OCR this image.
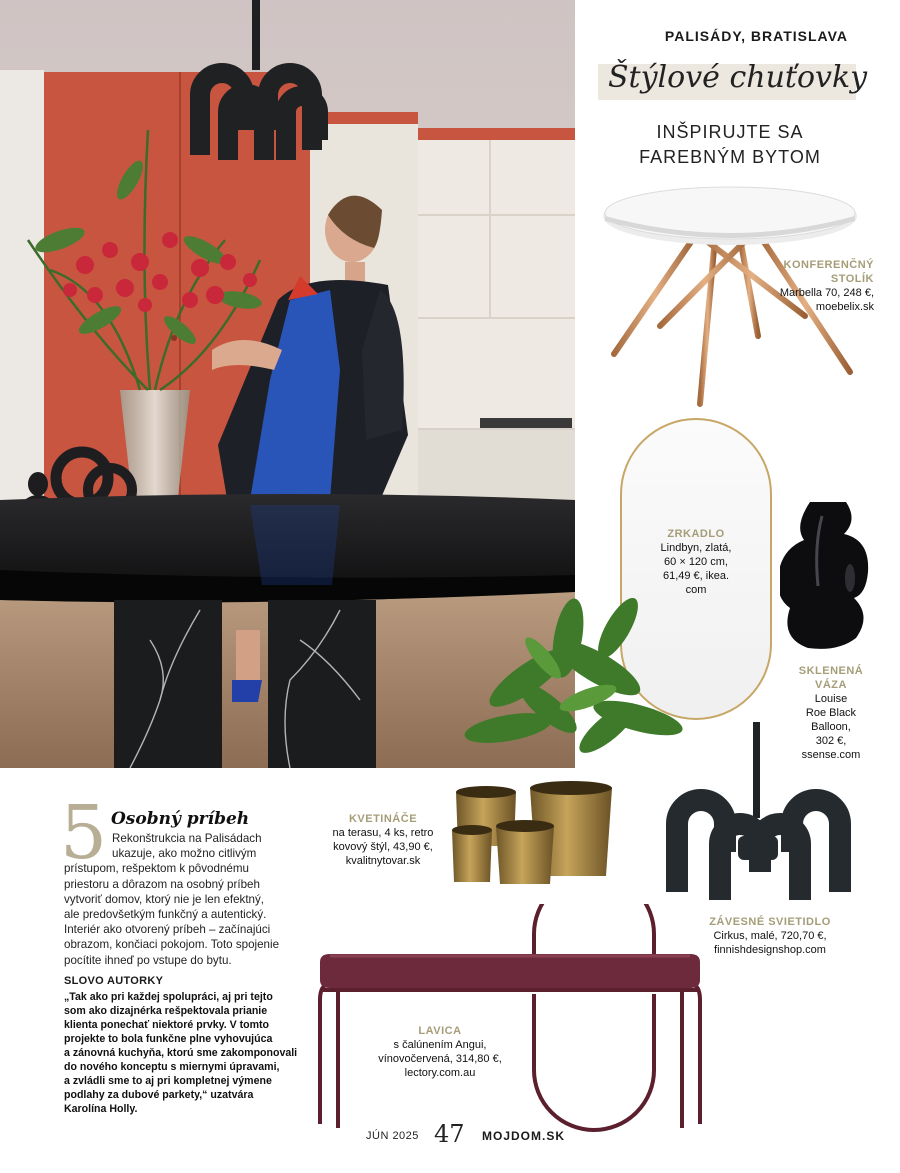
PALISÁDY, BRATISLAVA
Štýlové chuťovky
INŠPIRUJTE SA
FAREBNÝM BYTOM
KONFERENČNÝ
STOLÍK
Marbella 70, 248 €,
moebelix.sk
ZRKADLO
Lindbyn, zlatá,
60 × 120 cm,
61,49 €, ikea.
com
SKLENENÁ
VÁZA
Louise
Roe Black
Balloon,
302 €,
ssense.com
KVETINÁČE
na terasu, 4 ks, retro
kovový štýl, 43,90 €,
kvalitnytovar.sk
ZÁVESNÉ SVIETIDLO
Cirkus, malé, 720,70 €,
finnishdesignshop.com
LAVICA
s čalúnením Angui,
vínovočervená, 314,80 €,
lectory.com.au
5 Osobný príbeh
Rekonštrukcia na Palisádach
ukazuje, ako možno citlivým
prístupom, rešpektom k pôvodnému
priestoru a dôrazom na osobný príbeh
vytvoriť domov, ktorý nie je len efektný,
ale predovšetkým funkčný a autentický.
Interiér ako otvorený príbeh – začínajúci
obrazom, končiaci pokojom. Toto spojenie
pocítite ihneď po vstupe do bytu.
SLOVO AUTORKY
„Tak ako pri každej spolupráci, aj pri tejto
som ako dizajnérka rešpektovala prianie
klienta ponechať niektoré prvky. V tomto
projekte to bola funkčne plne vyhovujúca
a zánovná kuchyňa, ktorú sme zakomponovali
do nového konceptu s miernymi úpravami,
a zvládli sme to aj pri kompletnej výmene
podlahy za dubové parkety,“ uzatvára
Karolína Holly.
JÚN 2025 47 MOJDOM.SK
